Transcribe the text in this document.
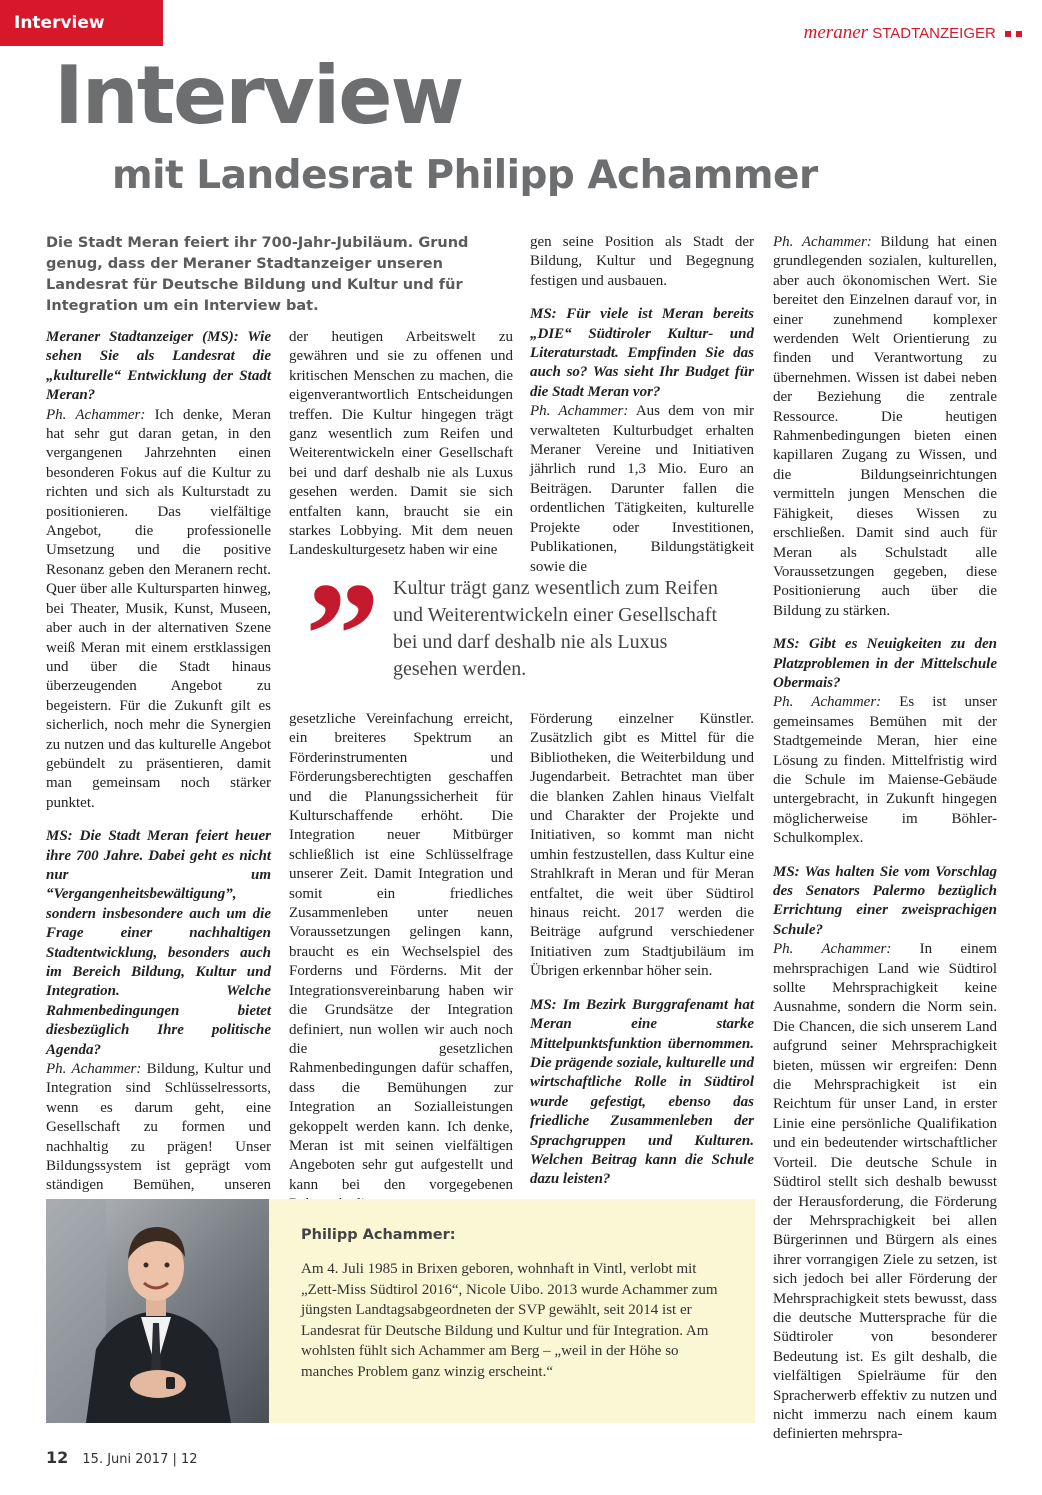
Interview	meraner STADTANZEIGER
Interview
mit Landesrat Philipp Achammer
Die Stadt Meran feiert ihr 700-Jahr-Jubiläum. Grund genug, dass der Meraner Stadtanzeiger unseren Landesrat für Deutsche Bildung und Kultur und für Integration um ein Interview bat.

Meraner Stadtanzeiger (MS): Wie sehen Sie als Landesrat die „kulturelle“ Entwicklung der Stadt Meran?
Ph. Achammer: Ich denke, Meran hat sehr gut daran getan, in den vergangenen Jahrzehnten einen besonderen Fokus auf die Kultur zu richten und sich als Kulturstadt zu positionieren. Das vielfältige Angebot, die professionelle Umsetzung und die positive Resonanz geben den Meranern recht. Quer über alle Kultursparten hinweg, bei Theater, Musik, Kunst, Museen, aber auch in der alternativen Szene weiß Meran mit einem erstklassigen und über die Stadt hinaus überzeugenden Angebot zu begeistern. Für die Zukunft gilt es sicherlich, noch mehr die Synergien zu nutzen und das kulturelle Angebot gebündelt zu präsentieren, damit man gemeinsam noch stärker punktet.

MS: Die Stadt Meran feiert heuer ihre 700 Jahre. Dabei geht es nicht nur um “Vergangenheitsbewältigung”, sondern insbesondere auch um die Frage einer nachhaltigen Stadtentwicklung, besonders auch im Bereich Bildung, Kultur und Integration. Welche Rahmenbedingungen bietet diesbezüglich Ihre politische Agenda?
Ph. Achammer: Bildung, Kultur und Integration sind Schlüsselressorts, wenn es darum geht, eine Gesellschaft zu formen und nachhaltig zu prägen! Unser Bildungssystem ist geprägt vom ständigen Bemühen, unseren

der heutigen Arbeitswelt zu gewähren und sie zu offenen und kritischen Menschen zu machen, die eigenverantwortlich Entscheidungen treffen. Die Kultur hingegen trägt ganz wesentlich zum Reifen und Weiterentwickeln einer Gesellschaft bei und darf deshalb nie als Luxus gesehen werden. Damit sie sich entfalten kann, braucht sie ein starkes Lobbying. Mit dem neuen Landeskulturgesetz haben wir eine

gen seine Position als Stadt der Bildung, Kultur und Begegnung festigen und ausbauen.

MS: Für viele ist Meran bereits „DIE“ Südtiroler Kultur- und Literaturstadt. Empfinden Sie das auch so? Was sieht Ihr Budget für die Stadt Meran vor?
Ph. Achammer: Aus dem von mir verwalteten Kulturbudget erhalten Meraner Vereine und Initiativen jährlich rund 1,3 Mio. Euro an Beiträgen. Darunter fallen die ordentlichen Tätigkeiten, kulturelle Projekte oder Investitionen, Publikationen, Bildungstätigkeit sowie die

” Kultur trägt ganz wesentlich zum Reifen und Weiterentwickeln einer Gesellschaft bei und darf deshalb nie als Luxus gesehen werden.

gesetzliche Vereinfachung erreicht, ein breiteres Spektrum an Förderinstrumenten und Förderungsberechtigten geschaffen und die Planungssicherheit für Kulturschaffende erhöht. Die Integration neuer Mitbürger schließlich ist eine Schlüsselfrage unserer Zeit. Damit Integration und somit ein friedliches Zusammenleben unter neuen Voraussetzungen gelingen kann, braucht es ein Wechselspiel des Forderns und Förderns. Mit der Integrationsvereinbarung haben wir die Grundsätze der Integration definiert, nun wollen wir auch noch die gesetzlichen Rahmenbedingungen dafür schaffen, dass die Bemühungen zur Integration an Sozialleistungen gekoppelt werden kann. Ich denke, Meran ist mit seinen vielfältigen Angeboten sehr gut aufgestellt und kann bei den vorgegebenen

Förderung einzelner Künstler. Zusätzlich gibt es Mittel für die Bibliotheken, die Weiterbildung und Jugendarbeit. Betrachtet man über die blanken Zahlen hinaus Vielfalt und Charakter der Projekte und Initiativen, so kommt man nicht umhin festzustellen, dass Kultur eine Strahlkraft in Meran und für Meran entfaltet, die weit über Südtirol hinaus reicht. 2017 werden die Beiträge aufgrund verschiedener Initiativen zum Stadtjubiläum im Übrigen erkennbar höher sein.

MS: Im Bezirk Burggrafenamt hat Meran eine starke Mittelpunktsfunktion übernommen. Die prägende soziale, kulturelle und wirtschaftliche Rolle in Südtirol wurde gefestigt, ebenso das friedliche Zusammenleben der Sprachgruppen und Kulturen. Welchen Beitrag kann die Schule dazu leisten?

Ph. Achammer: Bildung hat einen grundlegenden sozialen, kulturellen, aber auch ökonomischen Wert. Sie bereitet den Einzelnen darauf vor, in einer zunehmend komplexer werdenden Welt Orientierung zu finden und Verantwortung zu übernehmen. Wissen ist dabei neben der Beziehung die zentrale Ressource. Die heutigen Rahmenbedingungen bieten einen kapillaren Zugang zu Wissen, und die Bildungseinrichtungen vermitteln jungen Menschen die Fähigkeit, dieses Wissen zu erschließen. Damit sind auch für Meran als Schulstadt alle Voraussetzungen gegeben, diese Positionierung auch über die Bildung zu stärken.

MS: Gibt es Neuigkeiten zu den Platzproblemen in der Mittelschule Obermais?
Ph. Achammer: Es ist unser gemeinsames Bemühen mit der Stadtgemeinde Meran, hier eine Lösung zu finden. Mittelfristig wird die Schule im Maiense-Gebäude untergebracht, in Zukunft hingegen möglicherweise im Böhler-Schulkomplex.

MS: Was halten Sie vom Vorschlag des Senators Palermo bezüglich Errichtung einer zweisprachigen Schule?
Ph. Achammer: In einem mehrsprachigen Land wie Südtirol sollte Mehrsprachigkeit keine Ausnahme, sondern die Norm sein. Die Chancen, die sich unserem Land aufgrund seiner Mehrsprachigkeit bieten, müssen wir ergreifen: Denn die Mehrsprachigkeit ist ein Reichtum für unser Land, in erster Linie eine persönliche Qualifikation und ein bedeutender wirtschaftlicher Vorteil. Die deutsche Schule in Südtirol stellt sich deshalb bewusst der Herausforderung, die Förderung der Mehrsprachigkeit bei allen Bürgerinnen und Bürgern als eines ihrer vorrangigen Ziele zu setzen, ist sich jedoch bei aller Förderung der Mehrsprachigkeit stets bewusst, dass die deutsche Muttersprache für die Südtiroler von besonderer Bedeutung ist. Es gilt deshalb, die vielfältigen Spielräume für den Spracherwerb effektiv zu nutzen und nicht immerzu nach einem kaum definierten mehrspra-

Philipp Achammer:
Am 4. Juli 1985 in Brixen geboren, wohnhaft in Vintl, verlobt mit „Zett-Miss Südtirol 2016“, Nicole Uibo. 2013 wurde Achammer zum jüngsten Landtagsabgeordneten der SVP gewählt, seit 2014 ist er Landesrat für Deutsche Bildung und Kultur und für Integration. Am wohlsten fühlt sich Achammer am Berg – „weil in der Höhe so manches Problem ganz winzig erscheint.“
12 15. Juni 2017 | 12
